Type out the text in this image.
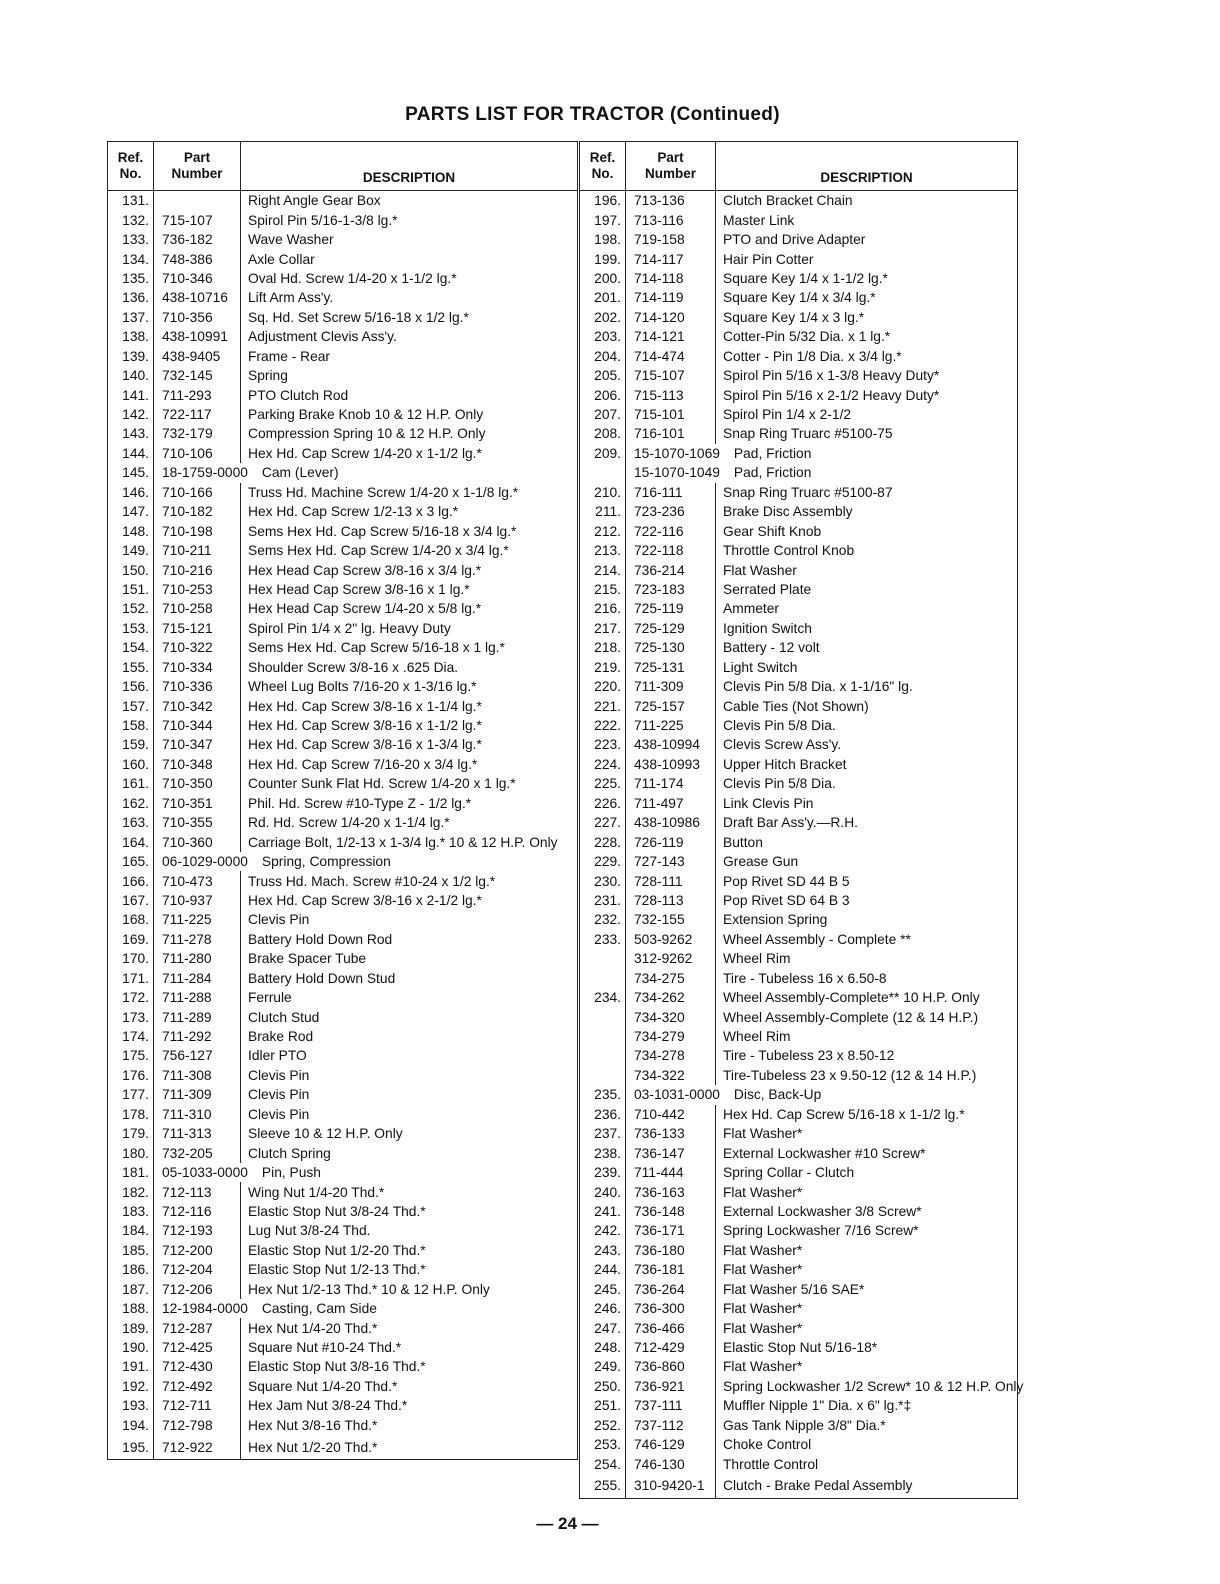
PARTS LIST FOR TRACTOR (Continued)
Ref.
No.	Part
Number	DESCRIPTION
131.		Right Angle Gear Box
132.	715-107	Spirol Pin 5/16-1-3/8 lg.*
133.	736-182	Wave Washer
134.	748-386	Axle Collar
135.	710-346	Oval Hd. Screw 1/4-20 x 1-1/2 lg.*
136.	438-10716	Lift Arm Ass'y.
137.	710-356	Sq. Hd. Set Screw 5/16-18 x 1/2 lg.*
138.	438-10991	Adjustment Clevis Ass'y.
139.	438-9405	Frame - Rear
140.	732-145	Spring
141.	711-293	PTO Clutch Rod
142.	722-117	Parking Brake Knob 10 & 12 H.P. Only
143.	732-179	Compression Spring 10 & 12 H.P. Only
144.	710-106	Hex Hd. Cap Screw 1/4-20 x 1-1/2 lg.*
145.	18-1759-0000 Cam (Lever)	
146.	710-166	Truss Hd. Machine Screw 1/4-20 x 1-1/8 lg.*
147.	710-182	Hex Hd. Cap Screw 1/2-13 x 3 lg.*
148.	710-198	Sems Hex Hd. Cap Screw 5/16-18 x 3/4 lg.*
149.	710-211	Sems Hex Hd. Cap Screw 1/4-20 x 3/4 lg.*
150.	710-216	Hex Head Cap Screw 3/8-16 x 3/4 lg.*
151.	710-253	Hex Head Cap Screw 3/8-16 x 1 lg.*
152.	710-258	Hex Head Cap Screw 1/4-20 x 5/8 lg.*
153.	715-121	Spirol Pin 1/4 x 2" lg. Heavy Duty
154.	710-322	Sems Hex Hd. Cap Screw 5/16-18 x 1 lg.*
155.	710-334	Shoulder Screw 3/8-16 x .625 Dia.
156.	710-336	Wheel Lug Bolts 7/16-20 x 1-3/16 lg.*
157.	710-342	Hex Hd. Cap Screw 3/8-16 x 1-1/4 lg.*
158.	710-344	Hex Hd. Cap Screw 3/8-16 x 1-1/2 lg.*
159.	710-347	Hex Hd. Cap Screw 3/8-16 x 1-3/4 lg.*
160.	710-348	Hex Hd. Cap Screw 7/16-20 x 3/4 lg.*
161.	710-350	Counter Sunk Flat Hd. Screw 1/4-20 x 1 lg.*
162.	710-351	Phil. Hd. Screw #10-Type Z - 1/2 lg.*
163.	710-355	Rd. Hd. Screw 1/4-20 x 1-1/4 lg.*
164.	710-360	Carriage Bolt, 1/2-13 x 1-3/4 lg.* 10 & 12 H.P. Only
165.	06-1029-0000 Spring, Compression	
166.	710-473	Truss Hd. Mach. Screw #10-24 x 1/2 lg.*
167.	710-937	Hex Hd. Cap Screw 3/8-16 x 2-1/2 lg.*
168.	711-225	Clevis Pin
169.	711-278	Battery Hold Down Rod
170.	711-280	Brake Spacer Tube
171.	711-284	Battery Hold Down Stud
172.	711-288	Ferrule
173.	711-289	Clutch Stud
174.	711-292	Brake Rod
175.	756-127	Idler PTO
176.	711-308	Clevis Pin
177.	711-309	Clevis Pin
178.	711-310	Clevis Pin
179.	711-313	Sleeve 10 & 12 H.P. Only
180.	732-205	Clutch Spring
181.	05-1033-0000 Pin, Push	
182.	712-113	Wing Nut 1/4-20 Thd.*
183.	712-116	Elastic Stop Nut 3/8-24 Thd.*
184.	712-193	Lug Nut 3/8-24 Thd.
185.	712-200	Elastic Stop Nut 1/2-20 Thd.*
186.	712-204	Elastic Stop Nut 1/2-13 Thd.*
187.	712-206	Hex Nut 1/2-13 Thd.* 10 & 12 H.P. Only
188.	12-1984-0000 Casting, Cam Side	
189.	712-287	Hex Nut 1/4-20 Thd.*
190.	712-425	Square Nut #10-24 Thd.*
191.	712-430	Elastic Stop Nut 3/8-16 Thd.*
192.	712-492	Square Nut 1/4-20 Thd.*
193.	712-711	Hex Jam Nut 3/8-24 Thd.*
194.	712-798	Hex Nut 3/8-16 Thd.*
195.	712-922	Hex Nut 1/2-20 Thd.*
Ref.
No.	Part
Number	DESCRIPTION
196.	713-136	Clutch Bracket Chain
197.	713-116	Master Link
198.	719-158	PTO and Drive Adapter
199.	714-117	Hair Pin Cotter
200.	714-118	Square Key 1/4 x 1-1/2 lg.*
201.	714-119	Square Key 1/4 x 3/4 lg.*
202.	714-120	Square Key 1/4 x 3 lg.*
203.	714-121	Cotter-Pin 5/32 Dia. x 1 lg.*
204.	714-474	Cotter - Pin 1/8 Dia. x 3/4 lg.*
205.	715-107	Spirol Pin 5/16 x 1-3/8 Heavy Duty*
206.	715-113	Spirol Pin 5/16 x 2-1/2 Heavy Duty*
207.	715-101	Spirol Pin 1/4 x 2-1/2
208.	716-101	Snap Ring Truarc #5100-75
209.	15-1070-1069 Pad, Friction	
	15-1070-1049 Pad, Friction	
210.	716-111	Snap Ring Truarc #5100-87
211.	723-236	Brake Disc Assembly
212.	722-116	Gear Shift Knob
213.	722-118	Throttle Control Knob
214.	736-214	Flat Washer
215.	723-183	Serrated Plate
216.	725-119	Ammeter
217.	725-129	Ignition Switch
218.	725-130	Battery - 12 volt
219.	725-131	Light Switch
220.	711-309	Clevis Pin 5/8 Dia. x 1-1/16" lg.
221.	725-157	Cable Ties (Not Shown)
222.	711-225	Clevis Pin 5/8 Dia.
223.	438-10994	Clevis Screw Ass'y.
224.	438-10993	Upper Hitch Bracket
225.	711-174	Clevis Pin 5/8 Dia.
226.	711-497	Link Clevis Pin
227.	438-10986	Draft Bar Ass'y.—R.H.
228.	726-119	Button
229.	727-143	Grease Gun
230.	728-111	Pop Rivet SD 44 B 5
231.	728-113	Pop Rivet SD 64 B 3
232.	732-155	Extension Spring
233.	503-9262	Wheel Assembly - Complete **
	312-9262	Wheel Rim
	734-275	Tire - Tubeless 16 x 6.50-8
234.	734-262	Wheel Assembly-Complete** 10 H.P. Only
	734-320	Wheel Assembly-Complete (12 & 14 H.P.)
	734-279	Wheel Rim
	734-278	Tire - Tubeless 23 x 8.50-12
	734-322	Tire-Tubeless 23 x 9.50-12 (12 & 14 H.P.)
235.	03-1031-0000 Disc, Back-Up	
236.	710-442	Hex Hd. Cap Screw 5/16-18 x 1-1/2 lg.*
237.	736-133	Flat Washer*
238.	736-147	External Lockwasher #10 Screw*
239.	711-444	Spring Collar - Clutch
240.	736-163	Flat Washer*
241.	736-148	External Lockwasher 3/8 Screw*
242.	736-171	Spring Lockwasher 7/16 Screw*
243.	736-180	Flat Washer*
244.	736-181	Flat Washer*
245.	736-264	Flat Washer 5/16 SAE*
246.	736-300	Flat Washer*
247.	736-466	Flat Washer*
248.	712-429	Elastic Stop Nut 5/16-18*
249.	736-860	Flat Washer*
250.	736-921	Spring Lockwasher 1/2 Screw* 10 & 12 H.P. Only
251.	737-111	Muffler Nipple 1" Dia. x 6" lg.*‡
252.	737-112	Gas Tank Nipple 3/8" Dia.*
253.	746-129	Choke Control
254.	746-130	Throttle Control
255.	310-9420-1	Clutch - Brake Pedal Assembly
— 24 —
